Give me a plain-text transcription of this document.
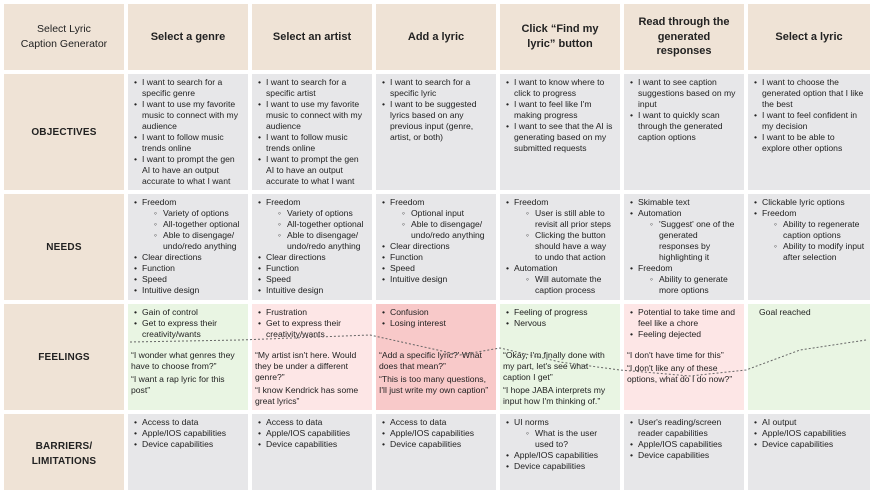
Select Lyric
Caption Generator
Select a genre	Select an artist	Add a lyric
Click “Find my lyric” button
Read through the generated responses
Select a lyric
OBJECTIVES
• I want to search for a specific genre
• I want to use my favorite music to connect with my audience
• I want to follow music trends online
• I want to prompt the gen AI to have an output accurate to what I want
• I want to search for a specific artist
• I want to use my favorite music to connect with my audience
• I want to follow music trends online
• I want to prompt the gen AI to have an output accurate to what I want
• I want to search for a specific lyric
• I want to be suggested lyrics based on any previous input (genre, artist, or both)
• I want to know where to click to progress
• I want to feel like I'm making progress
• I want to see that the AI is generating based on my submitted requests
• I want to see caption suggestions based on my input
• I want to quickly scan through the generated caption options
• I want to choose the generated option that I like the best
• I want to feel confident in my decision
• I want to be able to explore other options
NEEDS
• Freedom
◦ Variety of options
◦ All-together optional
◦ Able to disengage/ undo/redo anything
• Clear directions
• Function
• Speed
• Intuitive design
• Freedom
◦ Variety of options
◦ All-together optional
◦ Able to disengage/ undo/redo anything
• Clear directions
• Function
• Speed
• Intuitive design
• Freedom
◦ Optional input
◦ Able to disengage/ undo/redo anything
• Clear directions
• Function
• Speed
• Intuitive design
• Freedom
◦ User is still able to revisit all prior steps
◦ Clicking the button should have a way to undo that action
• Automation
◦ Will automate the caption process
• Skimable text
• Automation
◦ 'Suggest' one of the generated responses by highlighting it
• Freedom
◦ Ability to generate more options
• Clickable lyric options
• Freedom
◦ Ability to regenerate caption options
◦ Ability to modify input after selection
FEELINGS
• Gain of control
• Get to express their creativity/wants

“I wonder what genres they have to choose from?”

“I want a rap lyric for this post”

• Frustration
• Get to express their creativity/wants

“My artist isn't here. Would they be under a different genre?”

“I know Kendrick has some great lyrics”

• Confusion
• Losing interest

“Add a specific lyric?' What does that mean?”

“This is too many questions, I'll just write my own caption”

• Feeling of progress
• Nervous

“Okay, I'm finally done with my part, let's see what caption I get”

“I hope JABA interprets my input how I'm thinking of.”

• Potential to take time and feel like a chore
• Feeling dejected

“I don't have time for this”

“I don't like any of these options, what do I do now?”

Goal reached
BARRIERS/ LIMITATIONS
• Access to data
• Apple/IOS capabilities
• Device capabilities
• Access to data
• Apple/IOS capabilities
• Device capabilities
• Access to data
• Apple/IOS capabilities
• Device capabilities
• UI norms
◦ What is the user used to?
• Apple/IOS capabilities
• Device capabilities
• User's reading/screen reader capabilities
• Apple/IOS capabilities
• Device capabilities
• AI output
• Apple/IOS capabilities
• Device capabilities
